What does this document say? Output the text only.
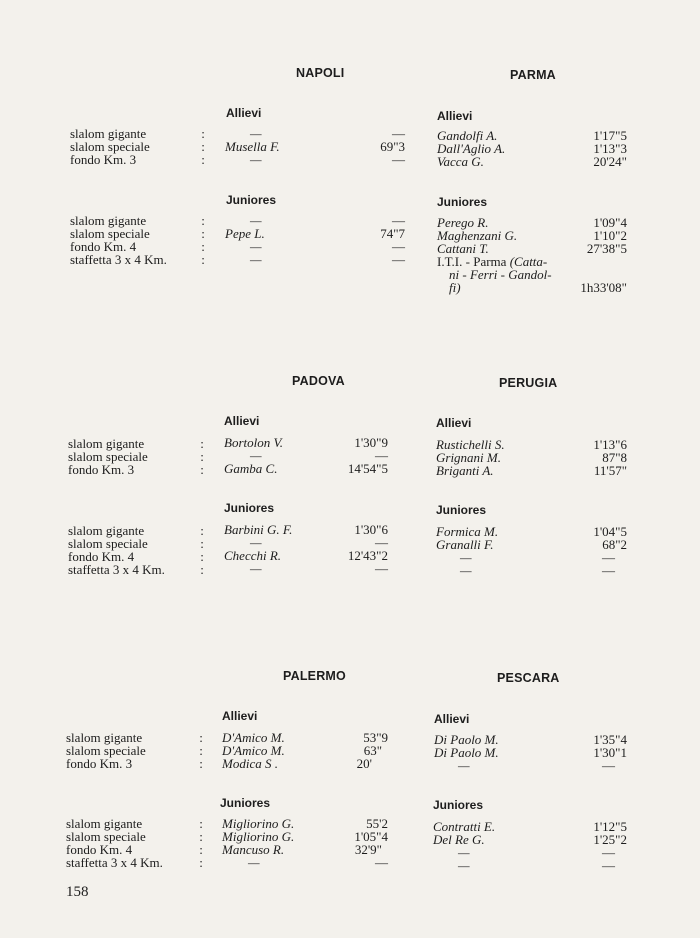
NAPOLI	PARMA
Allievi	Allievi
slalom gigante	:	—	—
slalom speciale	: Musella F.	69"3
fondo Km. 3	:	—	—
Gandolfi A.	1'17"5
Dall'Aglio A.	1'13"3
Vacca G.	20'24"
Juniores	Juniores
slalom gigante	:	—	—
slalom speciale	: Pepe L.	74"7
fondo Km. 4	:	—	—
staffetta 3 x 4 Km.	:	—	—
Perego R.	1'09"4
Maghenzani G.	1'10"2
Cattani T.	27'38"5
I.T.I. - Parma (Catta-
ni - Ferri - Gandol-
fi)	1h33'08"
PADOVA	PERUGIA
Allievi	Allievi
slalom gigante	: Bortolon V.	1'30"9
slalom speciale	:	—	—
fondo Km. 3	: Gamba C.	14'54"5
Rustichelli S.	1'13"6
Grignani M.	87"8
Briganti A.	11'57"
Juniores	Juniores
slalom gigante	: Barbini G. F.	1'30"6
slalom speciale	:	—	—
fondo Km. 4	: Checchi R.	12'43"2
staffetta 3 x 4 Km.	:	—	—
Formica M.	1'04"5
Granalli F.	68"2
—	—
—	—
PALERMO	PESCARA
Allievi	Allievi
slalom gigante	: D'Amico M.	53"9
slalom speciale	: D'Amico M.	63"
fondo Km. 3	: Modica S .	20'
Di Paolo M.	1'35"4
Di Paolo M.	1'30"1
—	—
Juniores	Juniores
slalom gigante	: Migliorino G.	55'2
slalom speciale	: Migliorino G.	1'05"4
fondo Km. 4	: Mancuso R.	32'9"
staffetta 3 x 4 Km.	:	—	—
Contratti E.	1'12"5
Del Re G.	1'25"2
—	—
—	—
158
